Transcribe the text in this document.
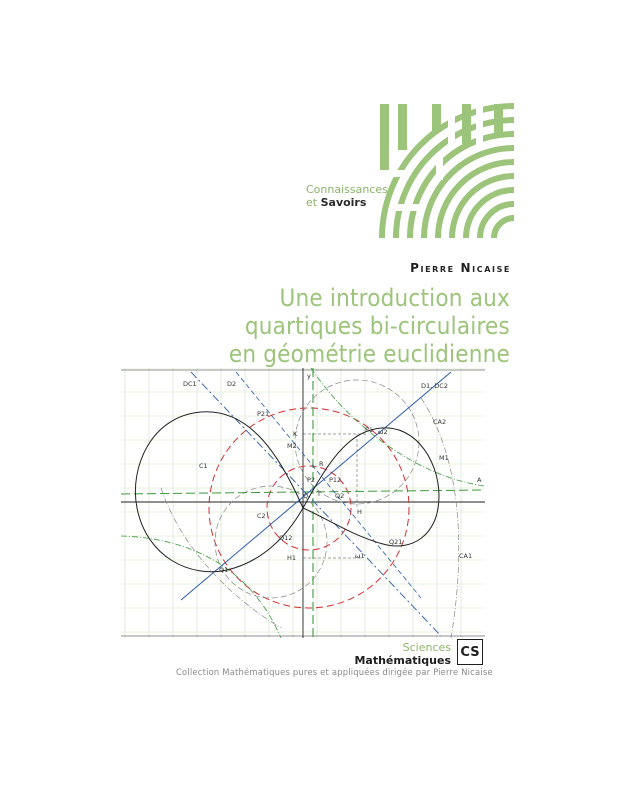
Connaissances
et Savoirs
Pierre Nicaise
Une introduction aux
quartiques bi-circulaires
en géométrie euclidienne
DC1	D2	D1, DC2
y
P21
P1 ω2
CA2
K
M2
C1	R
M1
A
P2 P12
O T Q2
H
C2
Q12	Q21
CA1
H1	ω1
Q1
Sciences
Mathématiques
CS
Collection Mathématiques pures et appliquées dirigée par Pierre Nicaise
